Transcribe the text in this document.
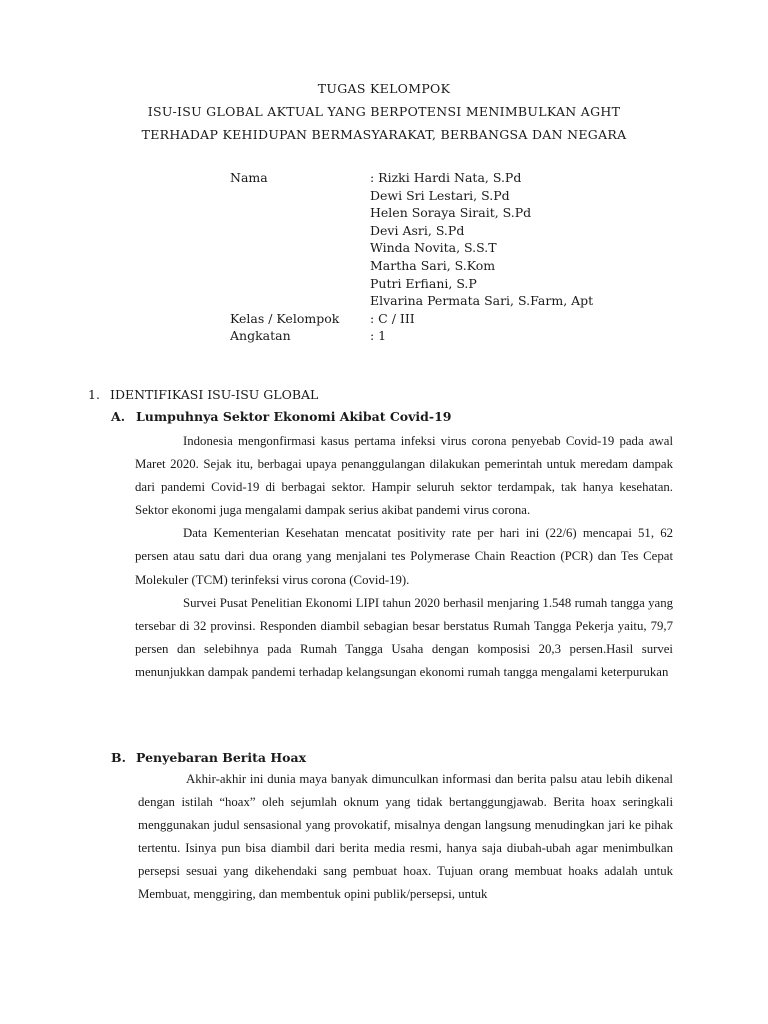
TUGAS KELOMPOK
ISU-ISU GLOBAL AKTUAL YANG BERPOTENSI MENIMBULKAN AGHT
TERHADAP KEHIDUPAN BERMASYARAKAT, BERBANGSA DAN NEGARA
Nama	: Rizki Hardi Nata, S.Pd
Dewi Sri Lestari, S.Pd
Helen Soraya Sirait, S.Pd
Devi Asri, S.Pd
Winda Novita, S.S.T
Martha Sari, S.Kom
Putri Erfiani, S.P
Elvarina Permata Sari, S.Farm, Apt
Kelas / Kelompok	: C / III
Angkatan	: 1
1. IDENTIFIKASI ISU-ISU GLOBAL
A. Lumpuhnya Sektor Ekonomi Akibat Covid-19

Indonesia mengonfirmasi kasus pertama infeksi virus corona penyebab Covid-19 pada awal Maret 2020. Sejak itu, berbagai upaya penanggulangan dilakukan pemerintah untuk meredam dampak dari pandemi Covid-19 di berbagai sektor. Hampir seluruh sektor terdampak, tak hanya kesehatan. Sektor ekonomi juga mengalami dampak serius akibat pandemi virus corona.

Data Kementerian Kesehatan mencatat positivity rate per hari ini (22/6) mencapai 51, 62 persen atau satu dari dua orang yang menjalani tes Polymerase Chain Reaction (PCR) dan Tes Cepat Molekuler (TCM) terinfeksi virus corona (Covid-19).

Survei Pusat Penelitian Ekonomi LIPI tahun 2020 berhasil menjaring 1.548 rumah tangga yang tersebar di 32 provinsi. Responden diambil sebagian besar berstatus Rumah Tangga Pekerja yaitu, 79,7 persen dan selebihnya pada Rumah Tangga Usaha dengan komposisi 20,3 persen.Hasil survei menunjukkan dampak pandemi terhadap kelangsungan ekonomi rumah tangga mengalami keterpurukan

B. Penyebaran Berita Hoax

Akhir-akhir ini dunia maya banyak dimunculkan informasi dan berita palsu atau lebih dikenal dengan istilah “hoax” oleh sejumlah oknum yang tidak bertanggungjawab. Berita hoax seringkali menggunakan judul sensasional yang provokatif, misalnya dengan langsung menudingkan jari ke pihak tertentu. Isinya pun bisa diambil dari berita media resmi, hanya saja diubah-ubah agar menimbulkan persepsi sesuai yang dikehendaki sang pembuat hoax. Tujuan orang membuat hoaks adalah untuk Membuat, menggiring, dan membentuk opini publik/persepsi, untuk
